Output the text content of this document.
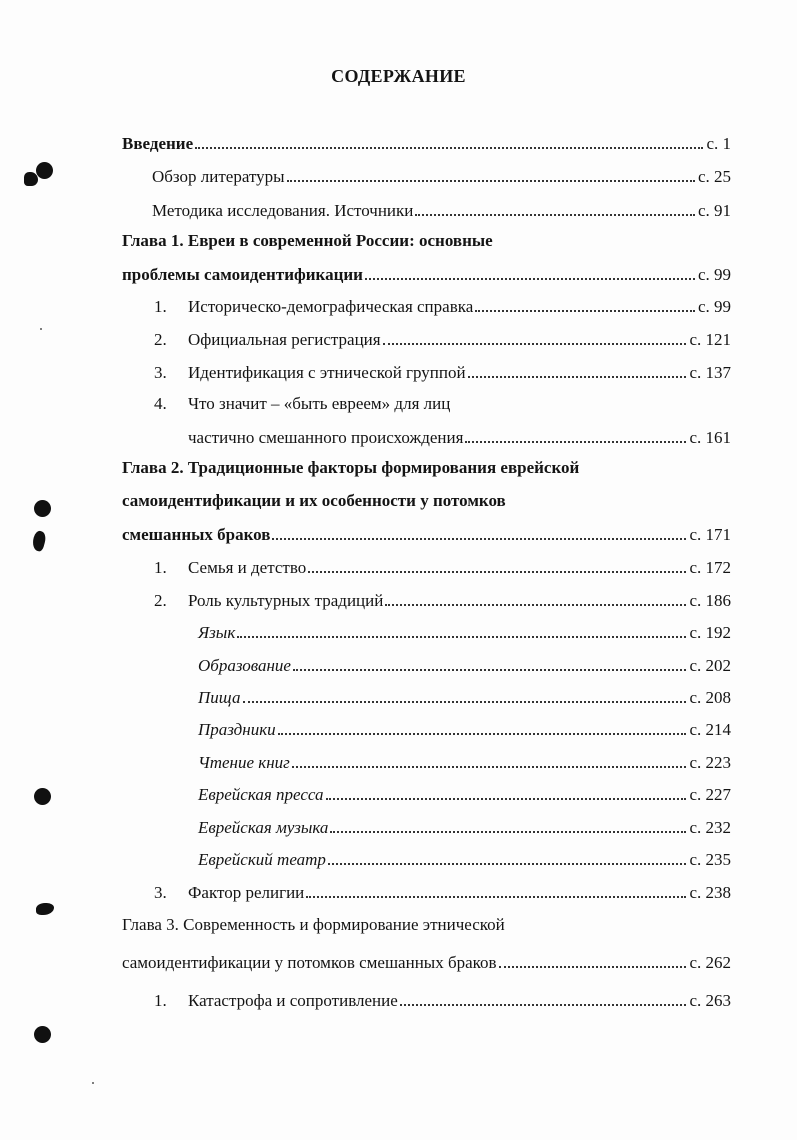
СОДЕРЖАНИЕ
Введение	с. 1
Обзор литературы	с. 25
Методика исследования. Источники	с. 91
Глава 1. Евреи в современной России: основные
проблемы самоидентификации	с. 99
1.	Историческо-демографическая справка	с. 99
2.	Официальная регистрация	с. 121
3.	Идентификация с этнической группой	с. 137
4. Что значит – «быть евреем» для лиц
частично смешанного происхождения	с. 161
Глава 2. Традиционные факторы формирования еврейской
самоидентификации и их особенности у потомков
смешанных браков	с. 171
1.	Семья и детство	с. 172
2.	Роль культурных традиций	с. 186
Язык	с. 192
Образование	с. 202
Пища	с. 208
Праздники	с. 214
Чтение книг	с. 223
Еврейская пресса	с. 227
Еврейская музыка	с. 232
Еврейский театр	с. 235
3.	Фактор религии	с. 238
Глава 3. Современность и формирование этнической
самоидентификации у потомков смешанных браков	с. 262
1.	Катастрофа и сопротивление	с. 263
